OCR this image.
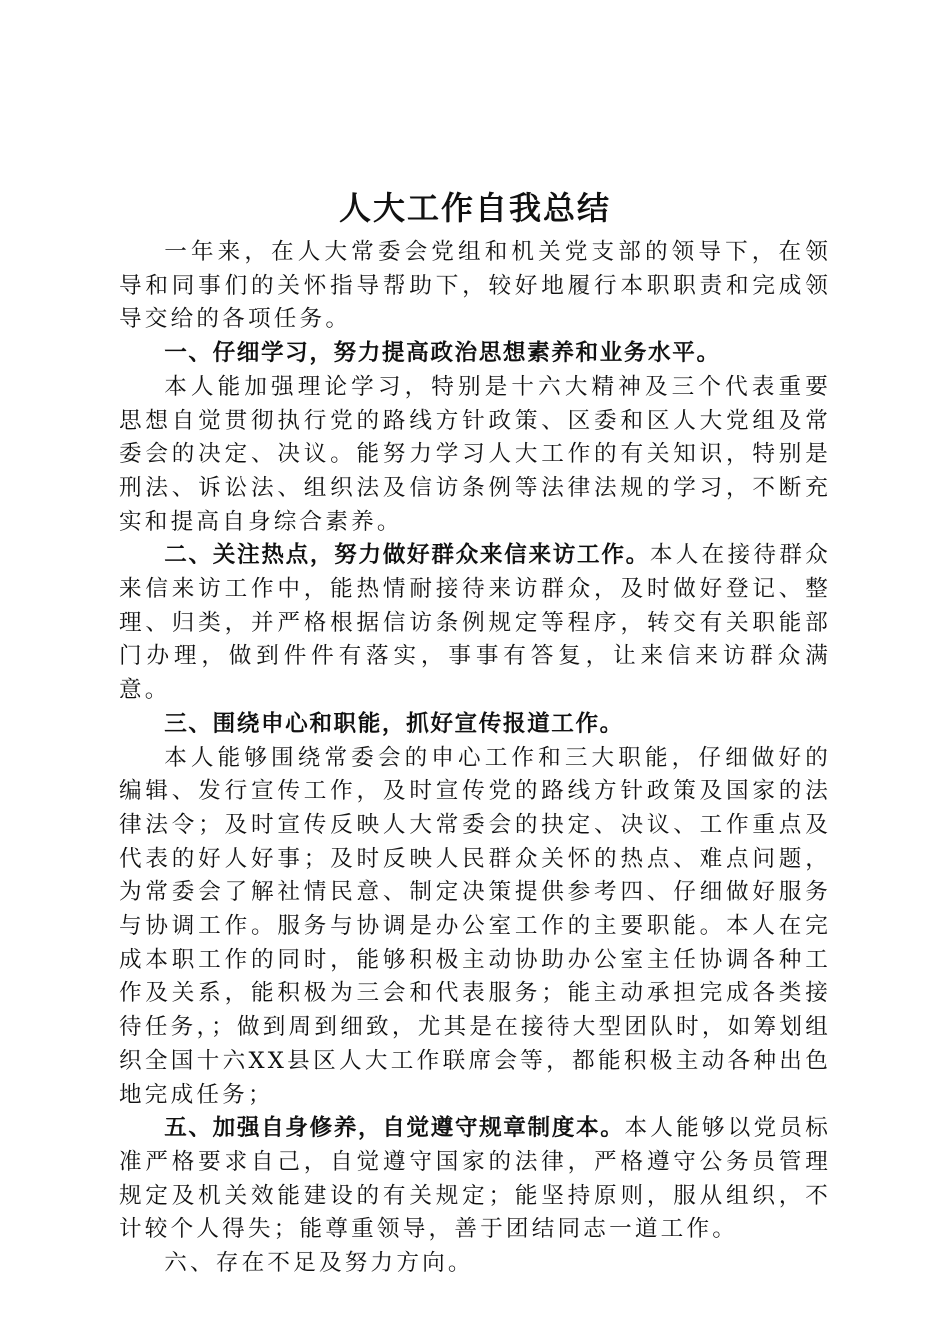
人大工作自我总结

一年来，在人大常委会党组和机关党支部的领导下，在领导和同事们的关怀指导帮助下，较好地履行本职职责和完成领导交给的各项任务。

一、仔细学习，努力提高政治思想素养和业务水平。

本人能加强理论学习，特别是十六大精神及三个代表重要思想自觉贯彻执行党的路线方针政策、区委和区人大党组及常委会的决定、决议。能努力学习人大工作的有关知识，特别是刑法、诉讼法、组织法及信访条例等法律法规的学习，不断充实和提高自身综合素养。

二、关注热点，努力做好群众来信来访工作。本人在接待群众来信来访工作中，能热情耐接待来访群众，及时做好登记、整理、归类，并严格根据信访条例规定等程序，转交有关职能部门办理，做到件件有落实，事事有答复，让来信来访群众满意。

三、围绕申心和职能，抓好宣传报道工作。

本人能够围绕常委会的申心工作和三大职能，仔细做好的编辑、发行宣传工作，及时宣传党的路线方针政策及国家的法律法令；及时宣传反映人大常委会的抉定、决议、工作重点及代表的好人好事；及时反映人民群众关怀的热点、难点问题，为常委会了解社情民意、制定决策提供参考四、仔细做好服务与协调工作。服务与协调是办公室工作的主要职能。本人在完成本职工作的同时，能够积极主动协助办公室主任协调各种工作及关系，能积极为三会和代表服务；能主动承担完成各类接待任务，；做到周到细致，尤其是在接待大型团队时，如筹划组织全国十六XX县区人大工作联席会等，都能积极主动各种出色地完成任务；

五、加强自身修养，自觉遵守规章制度本。本人能够以党员标准严格要求自己，自觉遵守国家的法律，严格遵守公务员管理规定及机关效能建设的有关规定；能坚持原则，服从组织，不计较个人得失；能尊重领导，善于团结同志一道工作。

六、存在不足及努力方向。
